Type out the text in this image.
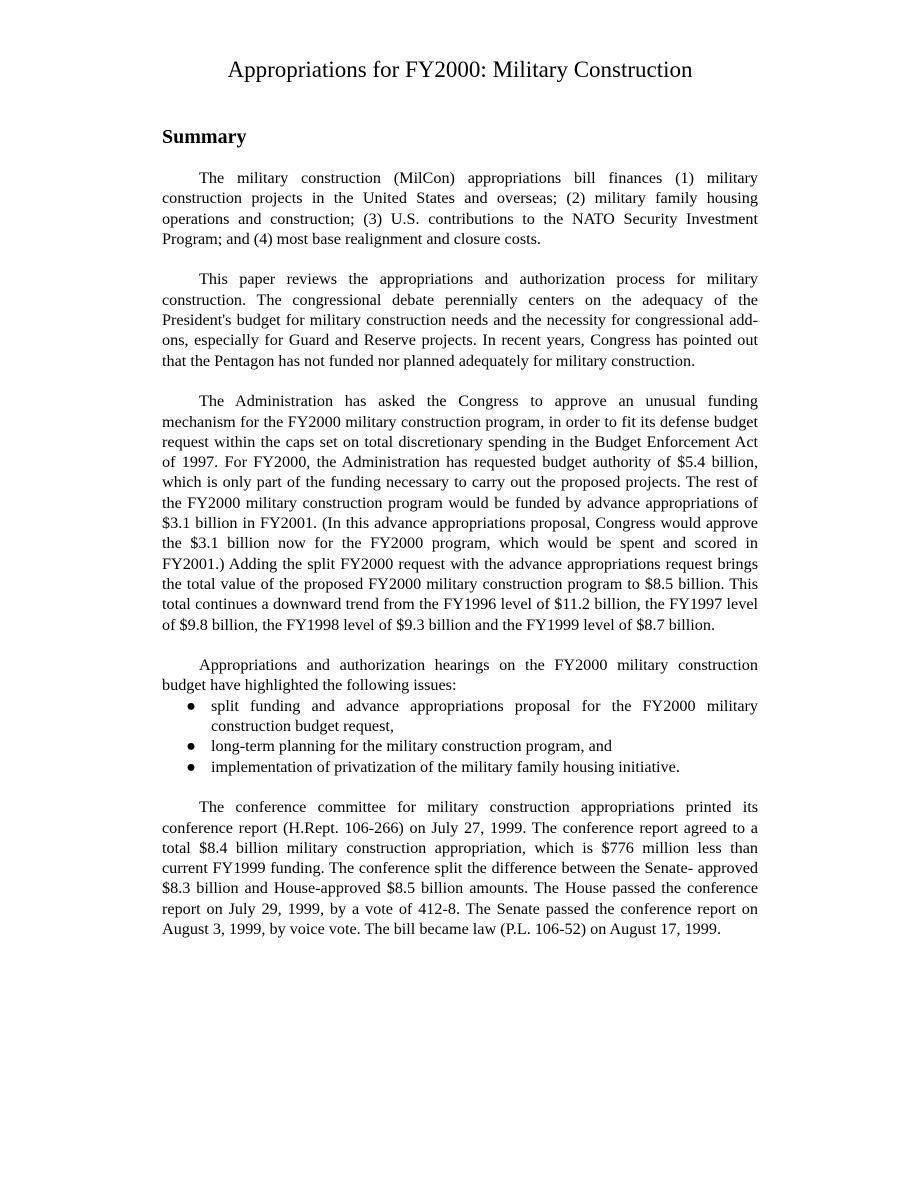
Appropriations for FY2000: Military Construction
Summary

The military construction (MilCon) appropriations bill finances (1) military construction projects in the United States and overseas; (2) military family housing operations and construction; (3) U.S. contributions to the NATO Security Investment Program; and (4) most base realignment and closure costs.

This paper reviews the appropriations and authorization process for military construction. The congressional debate perennially centers on the adequacy of the President's budget for military construction needs and the necessity for congressional add-ons, especially for Guard and Reserve projects. In recent years, Congress has pointed out that the Pentagon has not funded nor planned adequately for military construction.

The Administration has asked the Congress to approve an unusual funding mechanism for the FY2000 military construction program, in order to fit its defense budget request within the caps set on total discretionary spending in the Budget Enforcement Act of 1997. For FY2000, the Administration has requested budget authority of $5.4 billion, which is only part of the funding necessary to carry out the proposed projects. The rest of the FY2000 military construction program would be funded by advance appropriations of $3.1 billion in FY2001. (In this advance appropriations proposal, Congress would approve the $3.1 billion now for the FY2000 program, which would be spent and scored in FY2001.) Adding the split FY2000 request with the advance appropriations request brings the total value of the proposed FY2000 military construction program to $8.5 billion. This total continues a downward trend from the FY1996 level of $11.2 billion, the FY1997 level of $9.8 billion, the FY1998 level of $9.3 billion and the FY1999 level of $8.7 billion.

Appropriations and authorization hearings on the FY2000 military construction budget have highlighted the following issues:

● split funding and advance appropriations proposal for the FY2000 military construction budget request,
● long-term planning for the military construction program, and
● implementation of privatization of the military family housing initiative.

The conference committee for military construction appropriations printed its conference report (H.Rept. 106-266) on July 27, 1999. The conference report agreed to a total $8.4 billion military construction appropriation, which is $776 million less than current FY1999 funding. The conference split the difference between the Senate- approved $8.3 billion and House-approved $8.5 billion amounts. The House passed the conference report on July 29, 1999, by a vote of 412-8. The Senate passed the conference report on August 3, 1999, by voice vote. The bill became law (P.L. 106-52) on August 17, 1999.
